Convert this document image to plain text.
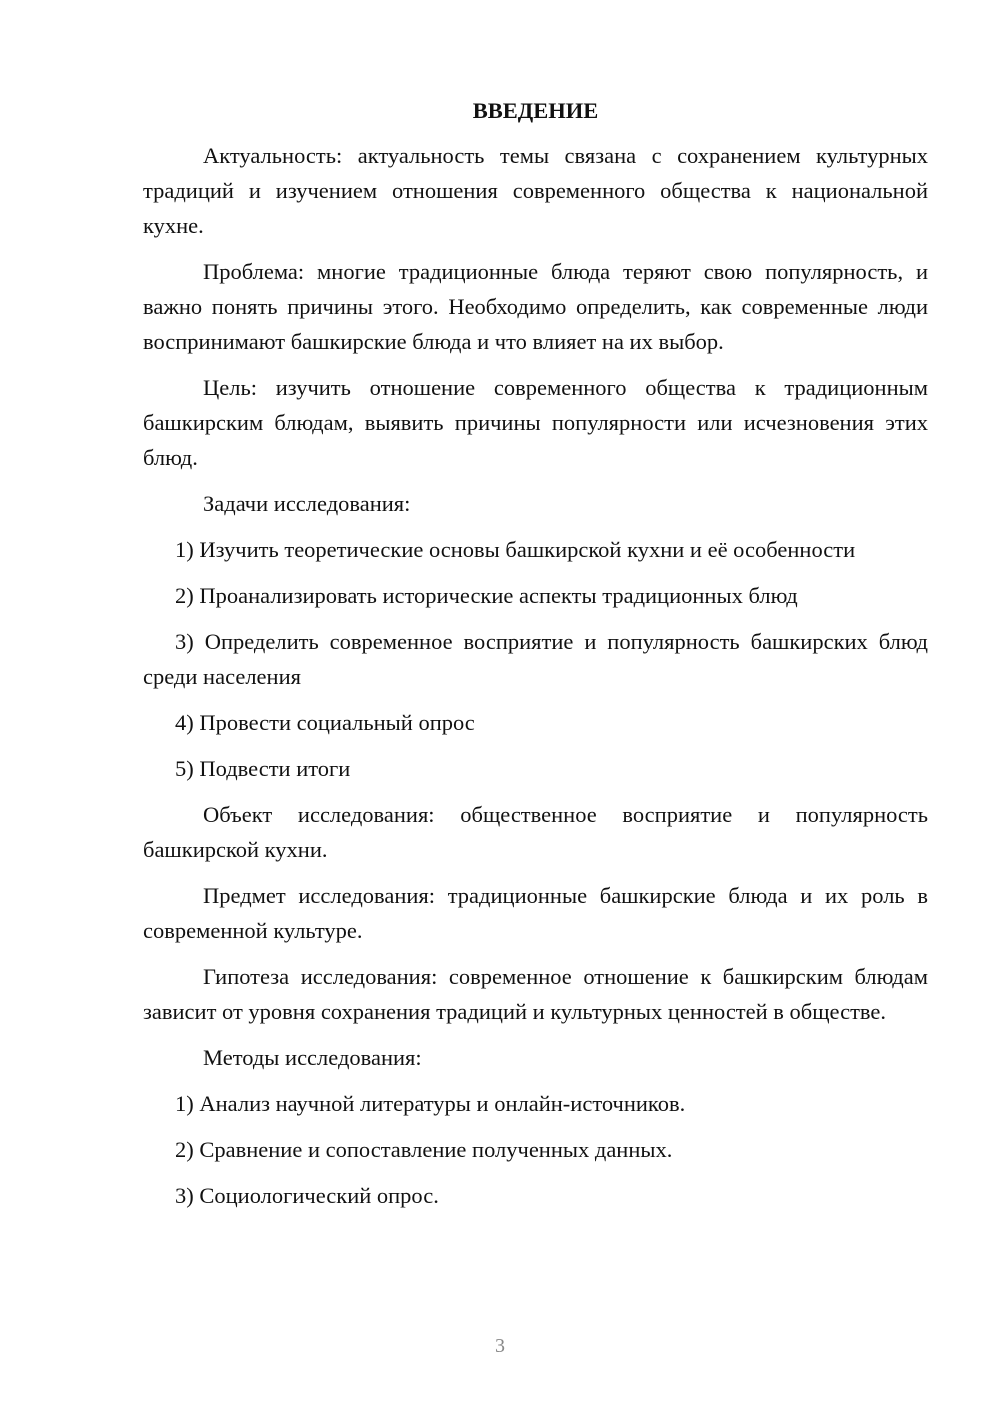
ВВЕДЕНИЕ

Актуальность: актуальность темы связана с сохранением культурных традиций и изучением отношения современного общества к национальной кухне.

Проблема: многие традиционные блюда теряют свою популярность, и важно понять причины этого. Необходимо определить, как современные люди воспринимают башкирские блюда и что влияет на их выбор.

Цель: изучить отношение современного общества к традиционным башкирским блюдам, выявить причины популярности или исчезновения этих блюд.

Задачи исследования:

1) Изучить теоретические основы башкирской кухни и её особенности

2) Проанализировать исторические аспекты традиционных блюд

3) Определить современное восприятие и популярность башкирских блюд среди населения

4) Провести социальный опрос

5) Подвести итоги

Объект исследования: общественное восприятие и популярность башкирской кухни.

Предмет исследования: традиционные башкирские блюда и их роль в современной культуре.

Гипотеза исследования: современное отношение к башкирским блюдам зависит от уровня сохранения традиций и культурных ценностей в обществе.

Методы исследования:

1) Анализ научной литературы и онлайн-источников.

2) Сравнение и сопоставление полученных данных.

3) Социологический опрос.

3
